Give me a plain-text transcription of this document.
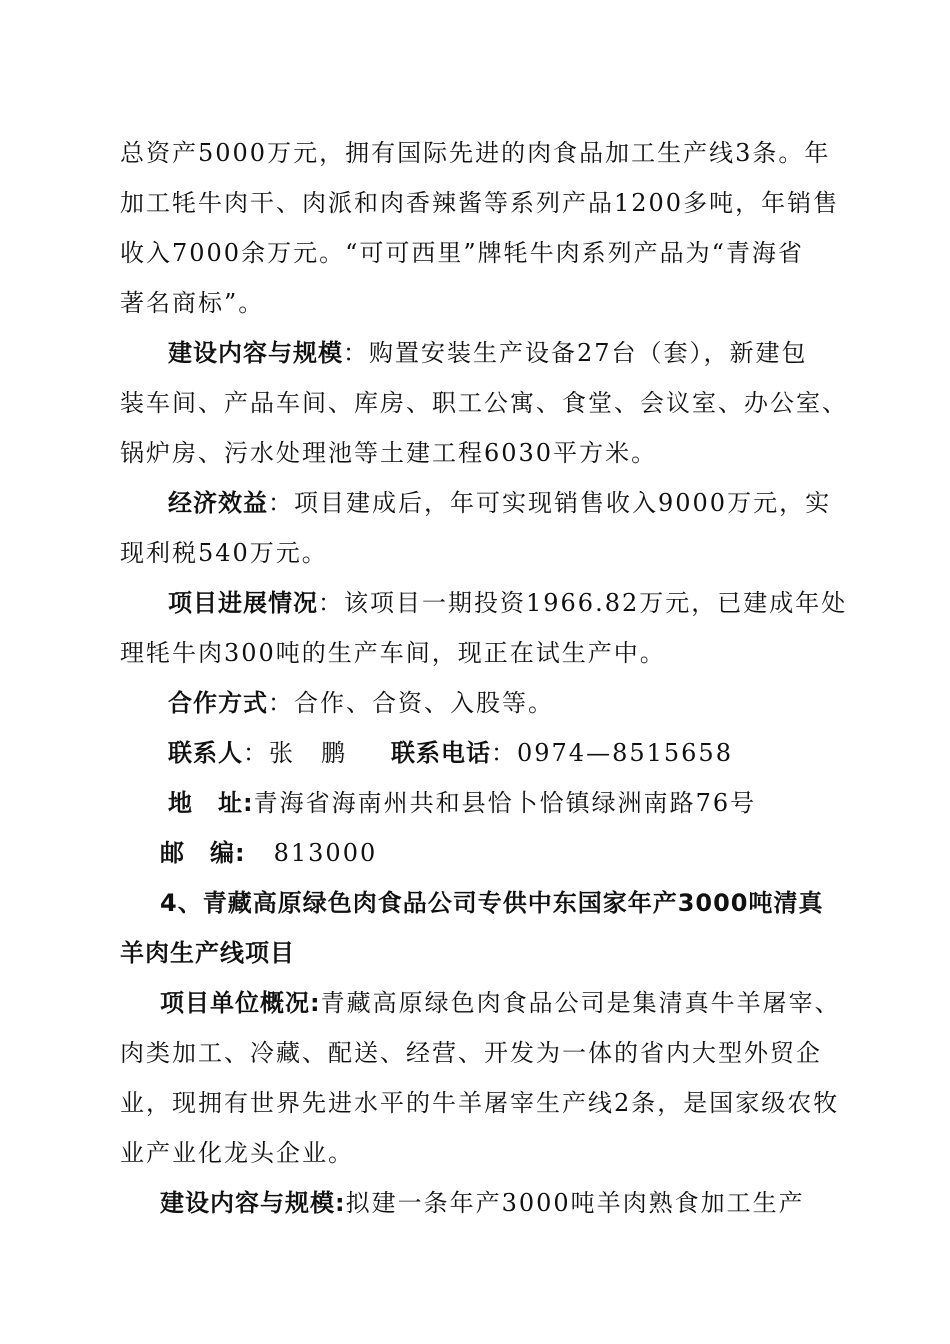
总资产5000万元，拥有国际先进的肉食品加工生产线3条。年
加工牦牛肉干、肉派和肉香辣酱等系列产品1200多吨，年销售
收入7000余万元。“可可西里”牌牦牛肉系列产品为“青海省
著名商标”。
建设内容与规模：购置安装生产设备27台（套），新建包
装车间、产品车间、库房、职工公寓、食堂、会议室、办公室、
锅炉房、污水处理池等土建工程6030平方米。
经济效益：项目建成后，年可实现销售收入9000万元，实
现利税540万元。
项目进展情况：该项目一期投资1966.82万元，已建成年处
理牦牛肉300吨的生产车间，现正在试生产中。
合作方式：合作、合资、入股等。
联系人：张　鹏 联系电话：0974—8515658
地　址:青海省海南州共和县恰卜恰镇绿洲南路76号
邮　编: 813000
4、青藏高原绿色肉食品公司专供中东国家年产3000吨清真
羊肉生产线项目
项目单位概况:青藏高原绿色肉食品公司是集清真牛羊屠宰、
肉类加工、冷藏、配送、经营、开发为一体的省内大型外贸企
业，现拥有世界先进水平的牛羊屠宰生产线2条，是国家级农牧
业产业化龙头企业。
建设内容与规模:拟建一条年产3000吨羊肉熟食加工生产
